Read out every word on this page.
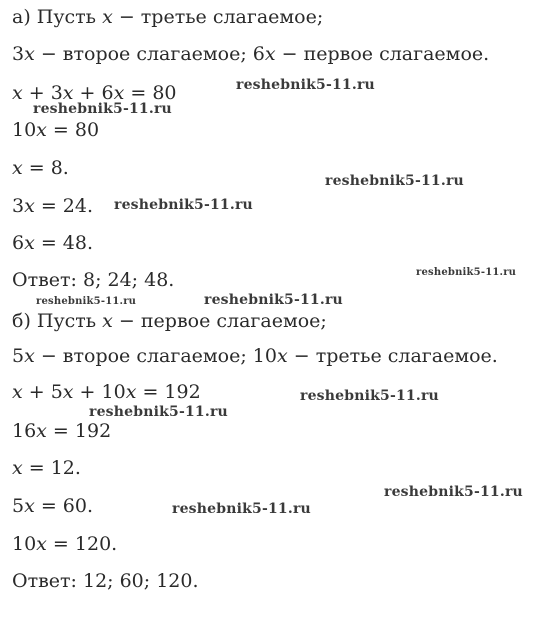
а) Пусть 𝑥 − третье слагаемое;
3𝑥 − второе слагаемое; 6𝑥 − первое слагаемое.
𝑥 + 3𝑥 + 6𝑥 = 80
10𝑥 = 80
𝑥 = 8.
3𝑥 = 24.
6𝑥 = 48.
Ответ: 8; 24; 48.
б) Пусть 𝑥 − первое слагаемое;
5𝑥 − второе слагаемое; 10𝑥 − третье слагаемое.
𝑥 + 5𝑥 + 10𝑥 = 192
16𝑥 = 192
𝑥 = 12.
5𝑥 = 60.
10𝑥 = 120.
Ответ: 12; 60; 120.
reshebnik5-11.ru
reshebnik5-11.ru
reshebnik5-11.ru
reshebnik5-11.ru
reshebnik5-11.ru
reshebnik5-11.ru	reshebnik5-11.ru
reshebnik5-11.ru
reshebnik5-11.ru
reshebnik5-11.ru
reshebnik5-11.ru
